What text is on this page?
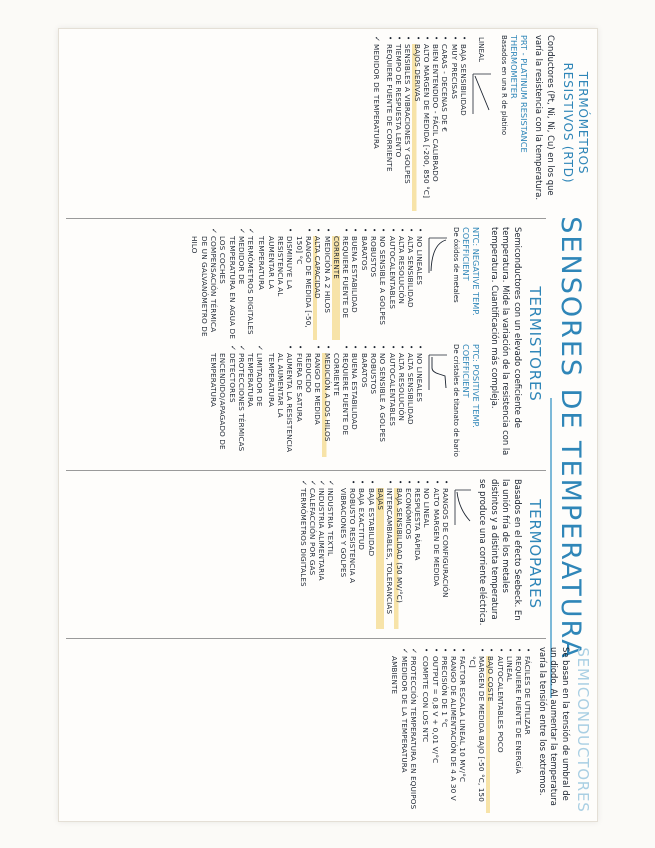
SENSORES DE TEMPERATURA
TERMÓMETROS RESISTIVOS (RTD)
Conductores (Pt, Ni, Ni, Cu) en los que varía la resistencia con la temperatura.
PRT - PLATINUM RESISTANCE THERMOMETER
Basados en una R de platino
LINEAL
• BAJA SENSIBILIDAD
• MUY PRECISAS
• CARAS - DECENAS DE €
• BIEN ENTENDIDO - FÁCIL CALIBRADO
• ALTO MARGEN DE MEDIDA [-200, 850 °C]
• BAJOS DERIVAS
• SENSIBLES A VIBRACIONES Y GOLPES
• TIEMPO DE RESPUESTA LENTO
• REQUIERE FUENTE DE CORRIENTE
✓ MEDIDOR DE TEMPERATURA
TERMISTORES
Semiconductores con un elevado coeficiente de temperatura. Mide la variación de la resistencia con la temperatura. Cuantificación más compleja.
NTC: NEGATIVE TEMP. COEFFICIENT
De óxidos de metales
• NO LINEALES
• ALTA SENSIBILIDAD
• ALTA RESOLUCIÓN
• AUTOCALENTABLES
• NO SENSIBLE A GOLPES
• ROBUSTOS
• BARATOS
• BUENA ESTABILIDAD
• REQUIERE FUENTE DE CORRIENTE
• MEDICIÓN A 2 HILOS
• ALTA CAPACIDAD
• RANGO DE MEDIDA [-50, 150] °C
• DISMINUYE LA RESISTENCIA AL AUMENTAR LA TEMPERATURA
✓ TERMÓMETROS DIGITALES
✓ MEDIDOR DE TEMPERATURA EN AGUA DE LOS COCHES
✓ COMPENSACIÓN TÉRMICA DE UN GALVANÓMETRO DE HILO
PTC: POSITIVE TEMP. COEFFICIENT
De cristales de titanato de bario
• NO LINEALES
• ALTA SENSIBILIDAD
• ALTA RESOLUCIÓN
• AUTOCALENTABLES
• NO SENSIBLE A GOLPES
• ROBUSTOS
• BARATOS
• BUENA ESTABILIDAD
• REQUIERE FUENTE DE CORRIENTE
• MEDICIÓN A DOS HILOS
• RANGO DE MEDIDA REDUCIDO
• FUERA DE SATURA
• AUMENTA LA RESISTENCIA AL AUMENTAR LA TEMPERATURA
✓ LIMITADOR DE TEMPERATURA
✓ PROTECCIONES TÉRMICAS
✓ DETECTORES ENCENDIDO/APAGADO DE TEMPERATURA
TERMOPARES
Basados en el efecto Seebeck. En la unión fría de los metales distintos y a distinta temperatura se produce una corriente eléctrica.
• RANGOS DE CONFIGURACIÓN
• ALTO MARGEN DE MEDIDA
• NO LINEAL
• RESPUESTA RÁPIDA
• ECONÓMICOS
• BAJA SENSIBILIDAD (50 ΜV/°C)
• INTERCAMBIABLES, TOLERANCIAS BAJAS
• BAJA ESTABILIDAD
• BAJA EXACTITUD
• ROBUSTO RESISTENCIA A VIBRACIONES Y GOLPES
✓ INDUSTRIA TEXTIL
✓ INDUSTRIA ALIMENTARIA
✓ CALEFACCIÓN POR GAS
✓ TERMÓMETROS DIGITALES
SEMICONDUCTORES
Se basan en la tensión de umbral de un diodo. Al aumentar la temperatura varía la tensión entre los extremos.
• FÁCILES DE UTILIZAR
• REQUIERE FUENTE DE ENERGÍA
• LINEAL
• AUTOCALENTABLES POCO
• BAJO COSTE
• MARGEN DE MEDIDA BAJO [-50 °C, 150 °C]
• FACTOR ESCALA LINEAL 10 MV/°C
• RANGO DE ALIMENTACIÓN DE 4 A 30 V
• PRECISIÓN DE 1 °C
• OUTPUT = 0,8 V + 0,01 V/°C
• COMPITE CON LOS NTC
✓ PROTECCIÓN TEMPERATURA EN EQUIPOS
✓ MEDIDOR DE LA TEMPERATURA AMBIENTE
